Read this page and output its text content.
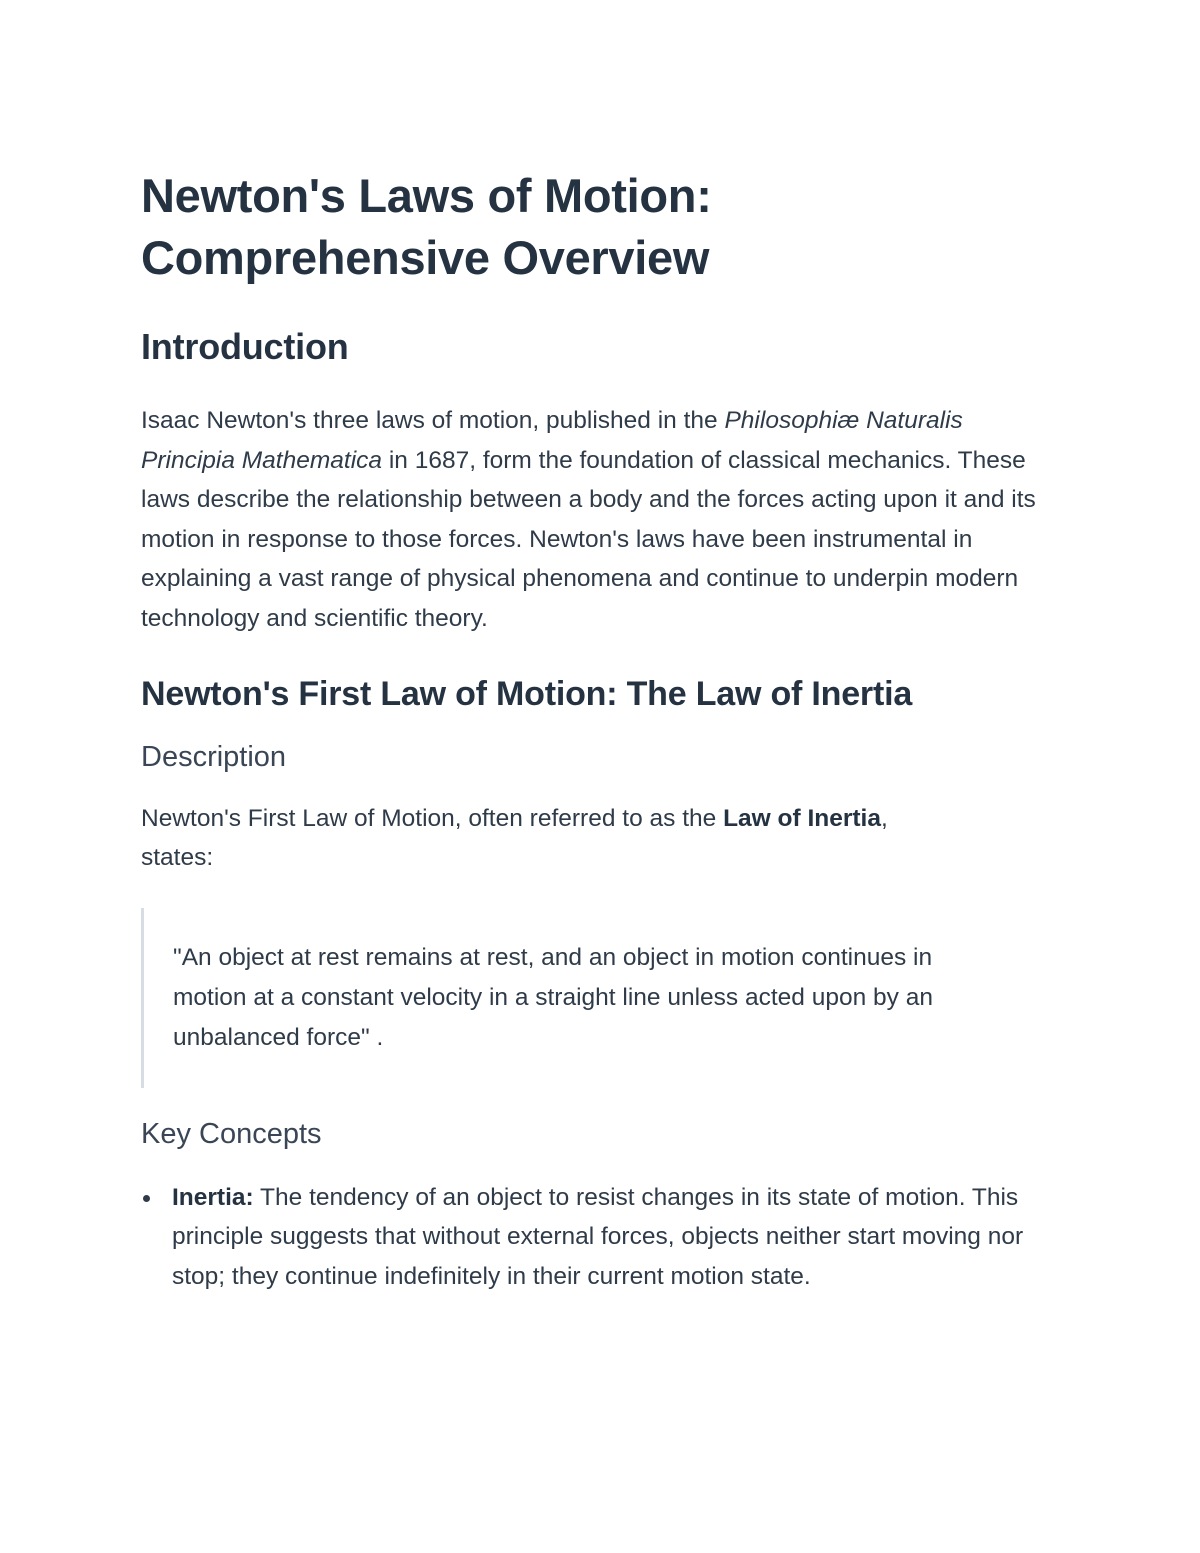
Newton's Laws of Motion:
Comprehensive Overview
Introduction

Isaac Newton's three laws of motion, published in the Philosophiæ Naturalis Principia Mathematica in 1687, form the foundation of classical mechanics. These laws describe the relationship between a body and the forces acting upon it and its motion in response to those forces. Newton's laws have been instrumental in explaining a vast range of physical phenomena and continue to underpin modern technology and scientific theory.

Newton's First Law of Motion: The Law of Inertia
Description

Newton's First Law of Motion, often referred to as the Law of Inertia,
states:

"An object at rest remains at rest, and an object in motion continues in motion at a constant velocity in a straight line unless acted upon by an unbalanced force" .
Key Concepts
Inertia: The tendency of an object to resist changes in its state of motion. This principle suggests that without external forces, objects neither start moving nor stop; they continue indefinitely in their current motion state.
